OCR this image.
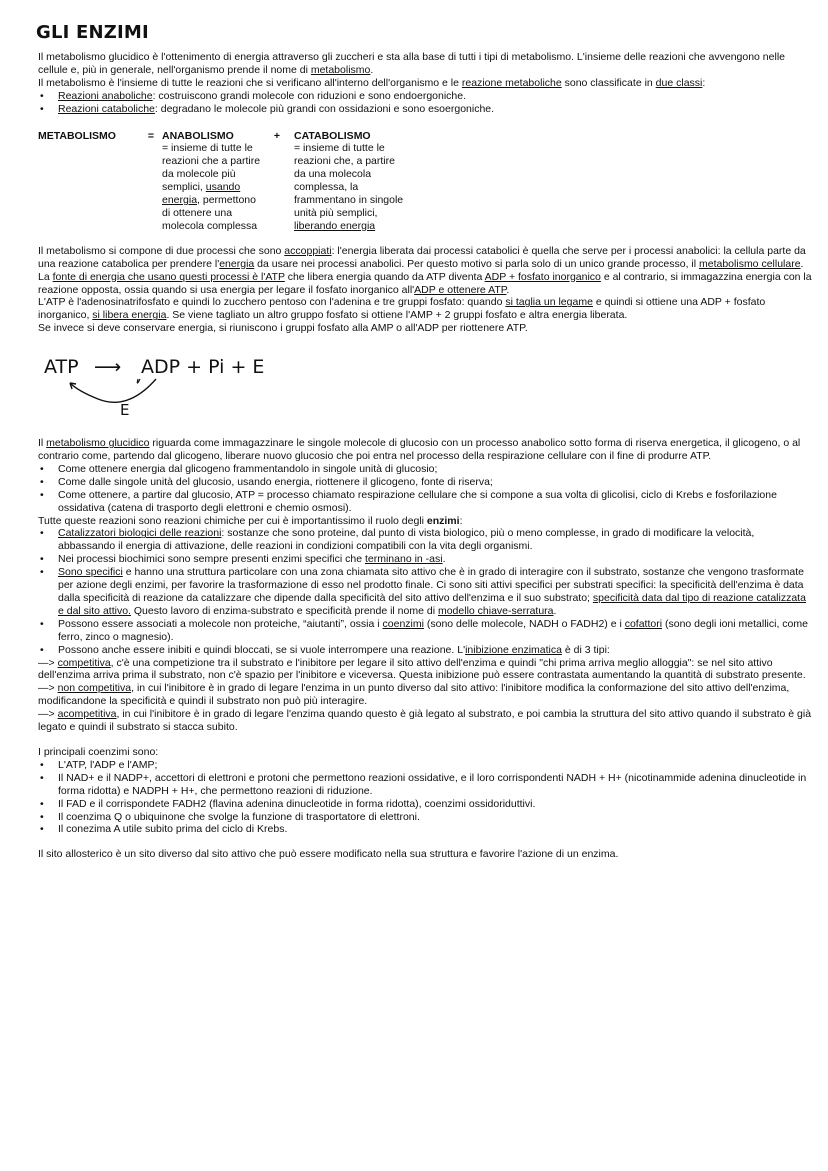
GLI ENZIMI

Il metabolismo glucidico è l'ottenimento di energia attraverso gli zuccheri e sta alla base di tutti i tipi di metabolismo. L'insieme delle reazioni che avvengono nelle cellule e, più in generale, nell'organismo prende il nome di metabolismo.
Il metabolismo è l'insieme di tutte le reazioni che si verificano all'interno dell'organismo e le reazione metaboliche sono classificate in due classi:

• Reazioni anaboliche: costruiscono grandi molecole con riduzioni e sono endoergoniche.

• Reazioni cataboliche: degradano le molecole più grandi con ossidazioni e sono esoergoniche.

METABOLISMO	= ANABOLISMO
= insieme di tutte le
reazioni che a partire
da molecole più
semplici, usando
energia, permettono
di ottenere una
molecola complessa
+	CATABOLISMO
= insieme di tutte le
reazioni che, a partire
da una molecola
complessa, la
frammentano in singole
unità più semplici,
liberando energia

Il metabolismo si compone di due processi che sono accoppiati: l'energia liberata dai processi catabolici è quella che serve per i processi anabolici: la cellula parte da una reazione catabolica per prendere l'energia da usare nei processi anabolici. Per questo motivo si parla solo di un unico grande processo, il metabolismo cellulare.

La fonte di energia che usano questi processi è l'ATP che libera energia quando da ATP diventa ADP + fosfato inorganico e al contrario, si immagazzina energia con la reazione opposta, ossia quando si usa energia per legare il fosfato inorganico all'ADP e ottenere ATP.

L'ATP è l'adenosinatrifosfato e quindi lo zucchero pentoso con l'adenina e tre gruppi fosfato: quando si taglia un legame e quindi si ottiene una ADP + fosfato inorganico, si libera energia. Se viene tagliato un altro gruppo fosfato si ottiene l'AMP + 2 gruppi fosfato e altra energia liberata.

Se invece si deve conservare energia, si riuniscono i gruppi fosfato alla AMP o all'ADP per riottenere ATP.

ATP ⟶ ADP + Pi + E
E

Il metabolismo glucidico riguarda come immagazzinare le singole molecole di glucosio con un processo anabolico sotto forma di riserva energetica, il glicogeno, o al contrario come, partendo dal glicogeno, liberare nuovo glucosio che poi entra nel processo della respirazione cellulare con il fine di produrre ATP.

• Come ottenere energia dal glicogeno frammentandolo in singole unità di glucosio;

• Come dalle singole unità del glucosio, usando energia, riottenere il glicogeno, fonte di riserva;

• Come ottenere, a partire dal glucosio, ATP = processo chiamato respirazione cellulare che si compone a sua volta di glicolisi, ciclo di Krebs e fosforilazione ossidativa (catena di trasporto degli elettroni e chemio osmosi).

Tutte queste reazioni sono reazioni chimiche per cui è importantissimo il ruolo degli enzimi:

• Catalizzatori biologici delle reazioni: sostanze che sono proteine, dal punto di vista biologico, più o meno complesse, in grado di modificare la velocità, abbassando il energia di attivazione, delle reazioni in condizioni compatibili con la vita degli organismi.

• Nei processi biochimici sono sempre presenti enzimi specifici che terminano in -asi.

• Sono specifici e hanno una struttura particolare con una zona chiamata sito attivo che è in grado di interagire con il substrato, sostanze che vengono trasformate per azione degli enzimi, per favorire la trasformazione di esso nel prodotto finale. Ci sono siti attivi specifici per substrati specifici: la specificità dell'enzima è data dalla specificità di reazione da catalizzare che dipende dalla specificità del sito attivo dell'enzima e il suo substrato; specificità data dal tipo di reazione catalizzata e dal sito attivo. Questo lavoro di enzima-substrato e specificità prende il nome di modello chiave-serratura.

• Possono essere associati a molecole non proteiche, “aiutanti”, ossia i coenzimi (sono delle molecole, NADH o FADH2) e i cofattori (sono degli ioni metallici, come ferro, zinco o magnesio).

• Possono anche essere inibiti e quindi bloccati, se si vuole interrompere una reazione. L'inibizione enzimatica è di 3 tipi:

—> competitiva, c'è una competizione tra il substrato e l'inibitore per legare il sito attivo dell'enzima e quindi "chi prima arriva meglio alloggia": se nel sito attivo dell'enzima arriva prima il substrato, non c'è spazio per l'inibitore e viceversa. Questa inibizione può essere contrastata aumentando la quantità di substrato presente.

—> non competitiva, in cui l'inibitore è in grado di legare l'enzima in un punto diverso dal sito attivo: l'inibitore modifica la conformazione del sito attivo dell'enzima, modificandone la specificità e quindi il substrato non può più interagire.

—> acompetitiva, in cui l'inibitore è in grado di legare l'enzima quando questo è già legato al substrato, e poi cambia la struttura del sito attivo quando il substrato è già legato e quindi il substrato si stacca subito.

I principali coenzimi sono:

• L'ATP, l'ADP e l'AMP;

• Il NAD+ e il NADP+, accettori di elettroni e protoni che permettono reazioni ossidative, e il loro corrispondenti NADH + H+ (nicotinammide adenina dinucleotide in forma ridotta) e NADPH + H+, che permettono reazioni di riduzione.

• Il FAD e il corrispondete FADH2 (flavina adenina dinucleotide in forma ridotta), coenzimi ossidoriduttivi.

• Il coenzima Q o ubiquinone che svolge la funzione di trasportatore di elettroni.

• Il conezima A utile subito prima del ciclo di Krebs.

Il sito allosterico è un sito diverso dal sito attivo che può essere modificato nella sua struttura e favorire l'azione di un enzima.
